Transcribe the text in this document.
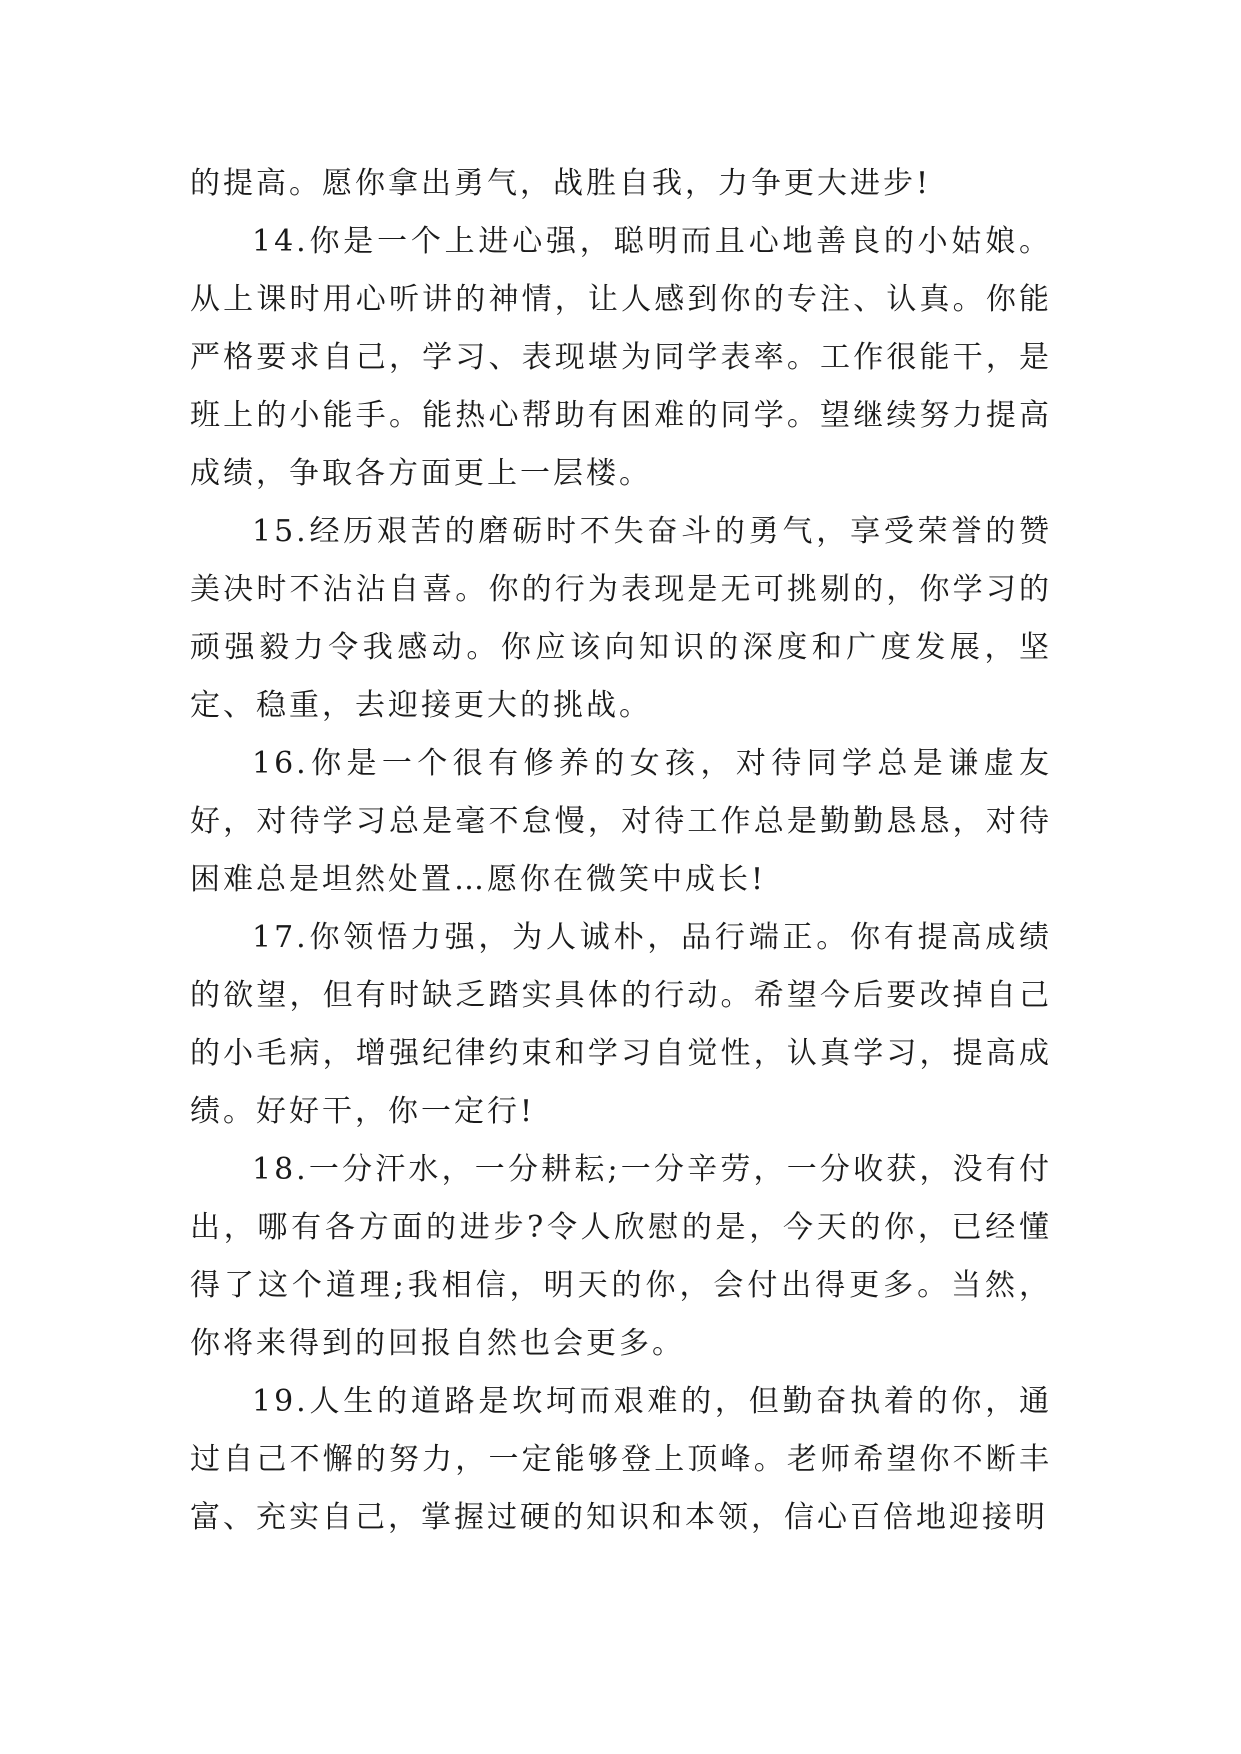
的提高。愿你拿出勇气，战胜自我，力争更大进步!

14.你是一个上进心强，聪明而且心地善良的小姑娘。从上课时用心听讲的神情，让人感到你的专注、认真。你能严格要求自己，学习、表现堪为同学表率。工作很能干，是班上的小能手。能热心帮助有困难的同学。望继续努力提高成绩，争取各方面更上一层楼。

15.经历艰苦的磨砺时不失奋斗的勇气，享受荣誉的赞美决时不沾沾自喜。你的行为表现是无可挑剔的，你学习的顽强毅力令我感动。你应该向知识的深度和广度发展，坚定、稳重，去迎接更大的挑战。

16.你是一个很有修养的女孩，对待同学总是谦虚友好，对待学习总是毫不怠慢，对待工作总是勤勤恳恳，对待困难总是坦然处置…愿你在微笑中成长!

17.你领悟力强，为人诚朴，品行端正。你有提高成绩的欲望，但有时缺乏踏实具体的行动。希望今后要改掉自己的小毛病，增强纪律约束和学习自觉性，认真学习，提高成绩。好好干，你一定行!

18.一分汗水，一分耕耘;一分辛劳，一分收获，没有付出，哪有各方面的进步?令人欣慰的是，今天的你，已经懂得了这个道理;我相信，明天的你，会付出得更多。当然，你将来得到的回报自然也会更多。

19.人生的道路是坎坷而艰难的，但勤奋执着的你，通过自己不懈的努力，一定能够登上顶峰。老师希望你不断丰富、充实自己，掌握过硬的知识和本领，信心百倍地迎接明
